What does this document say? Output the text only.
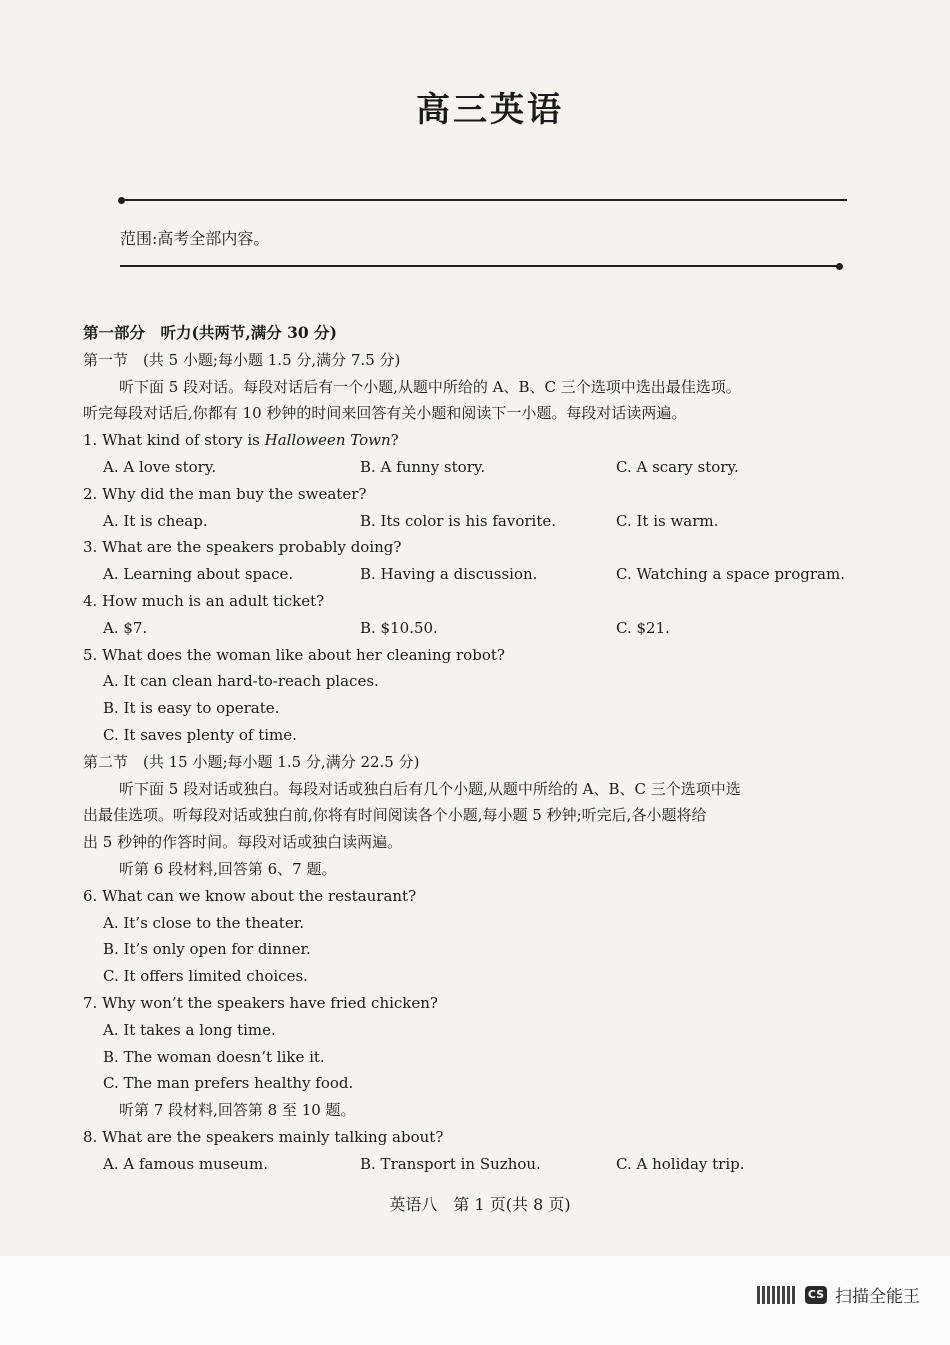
高三英语
范围:高考全部内容。
第一部分　听力(共两节,满分 30 分)
第一节　(共 5 小题;每小题 1.5 分,满分 7.5 分)
听下面 5 段对话。每段对话后有一个小题,从题中所给的 A、B、C 三个选项中选出最佳选项。
听完每段对话后,你都有 10 秒钟的时间来回答有关小题和阅读下一小题。每段对话读两遍。
1. What kind of story is Halloween Town?
A. A love story.	B. A funny story.	C. A scary story.
2. Why did the man buy the sweater?
A. It is cheap.	B. Its color is his favorite.	C. It is warm.
3. What are the speakers probably doing?
A. Learning about space.	B. Having a discussion.	C. Watching a space program.
4. How much is an adult ticket?
A. $7.	B. $10.50.	C. $21.
5. What does the woman like about her cleaning robot?
A. It can clean hard-to-reach places.
B. It is easy to operate.
C. It saves plenty of time.
第二节　(共 15 小题;每小题 1.5 分,满分 22.5 分)
听下面 5 段对话或独白。每段对话或独白后有几个小题,从题中所给的 A、B、C 三个选项中选
出最佳选项。听每段对话或独白前,你将有时间阅读各个小题,每小题 5 秒钟;听完后,各小题将给
出 5 秒钟的作答时间。每段对话或独白读两遍。
听第 6 段材料,回答第 6、7 题。
6. What can we know about the restaurant?
A. It’s close to the theater.
B. It’s only open for dinner.
C. It offers limited choices.
7. Why won’t the speakers have fried chicken?
A. It takes a long time.
B. The woman doesn’t like it.
C. The man prefers healthy food.
听第 7 段材料,回答第 8 至 10 题。
8. What are the speakers mainly talking about?
A. A famous museum.	B. Transport in Suzhou.	C. A holiday trip.
英语八　第 1 页(共 8 页)
CS 扫描全能王
